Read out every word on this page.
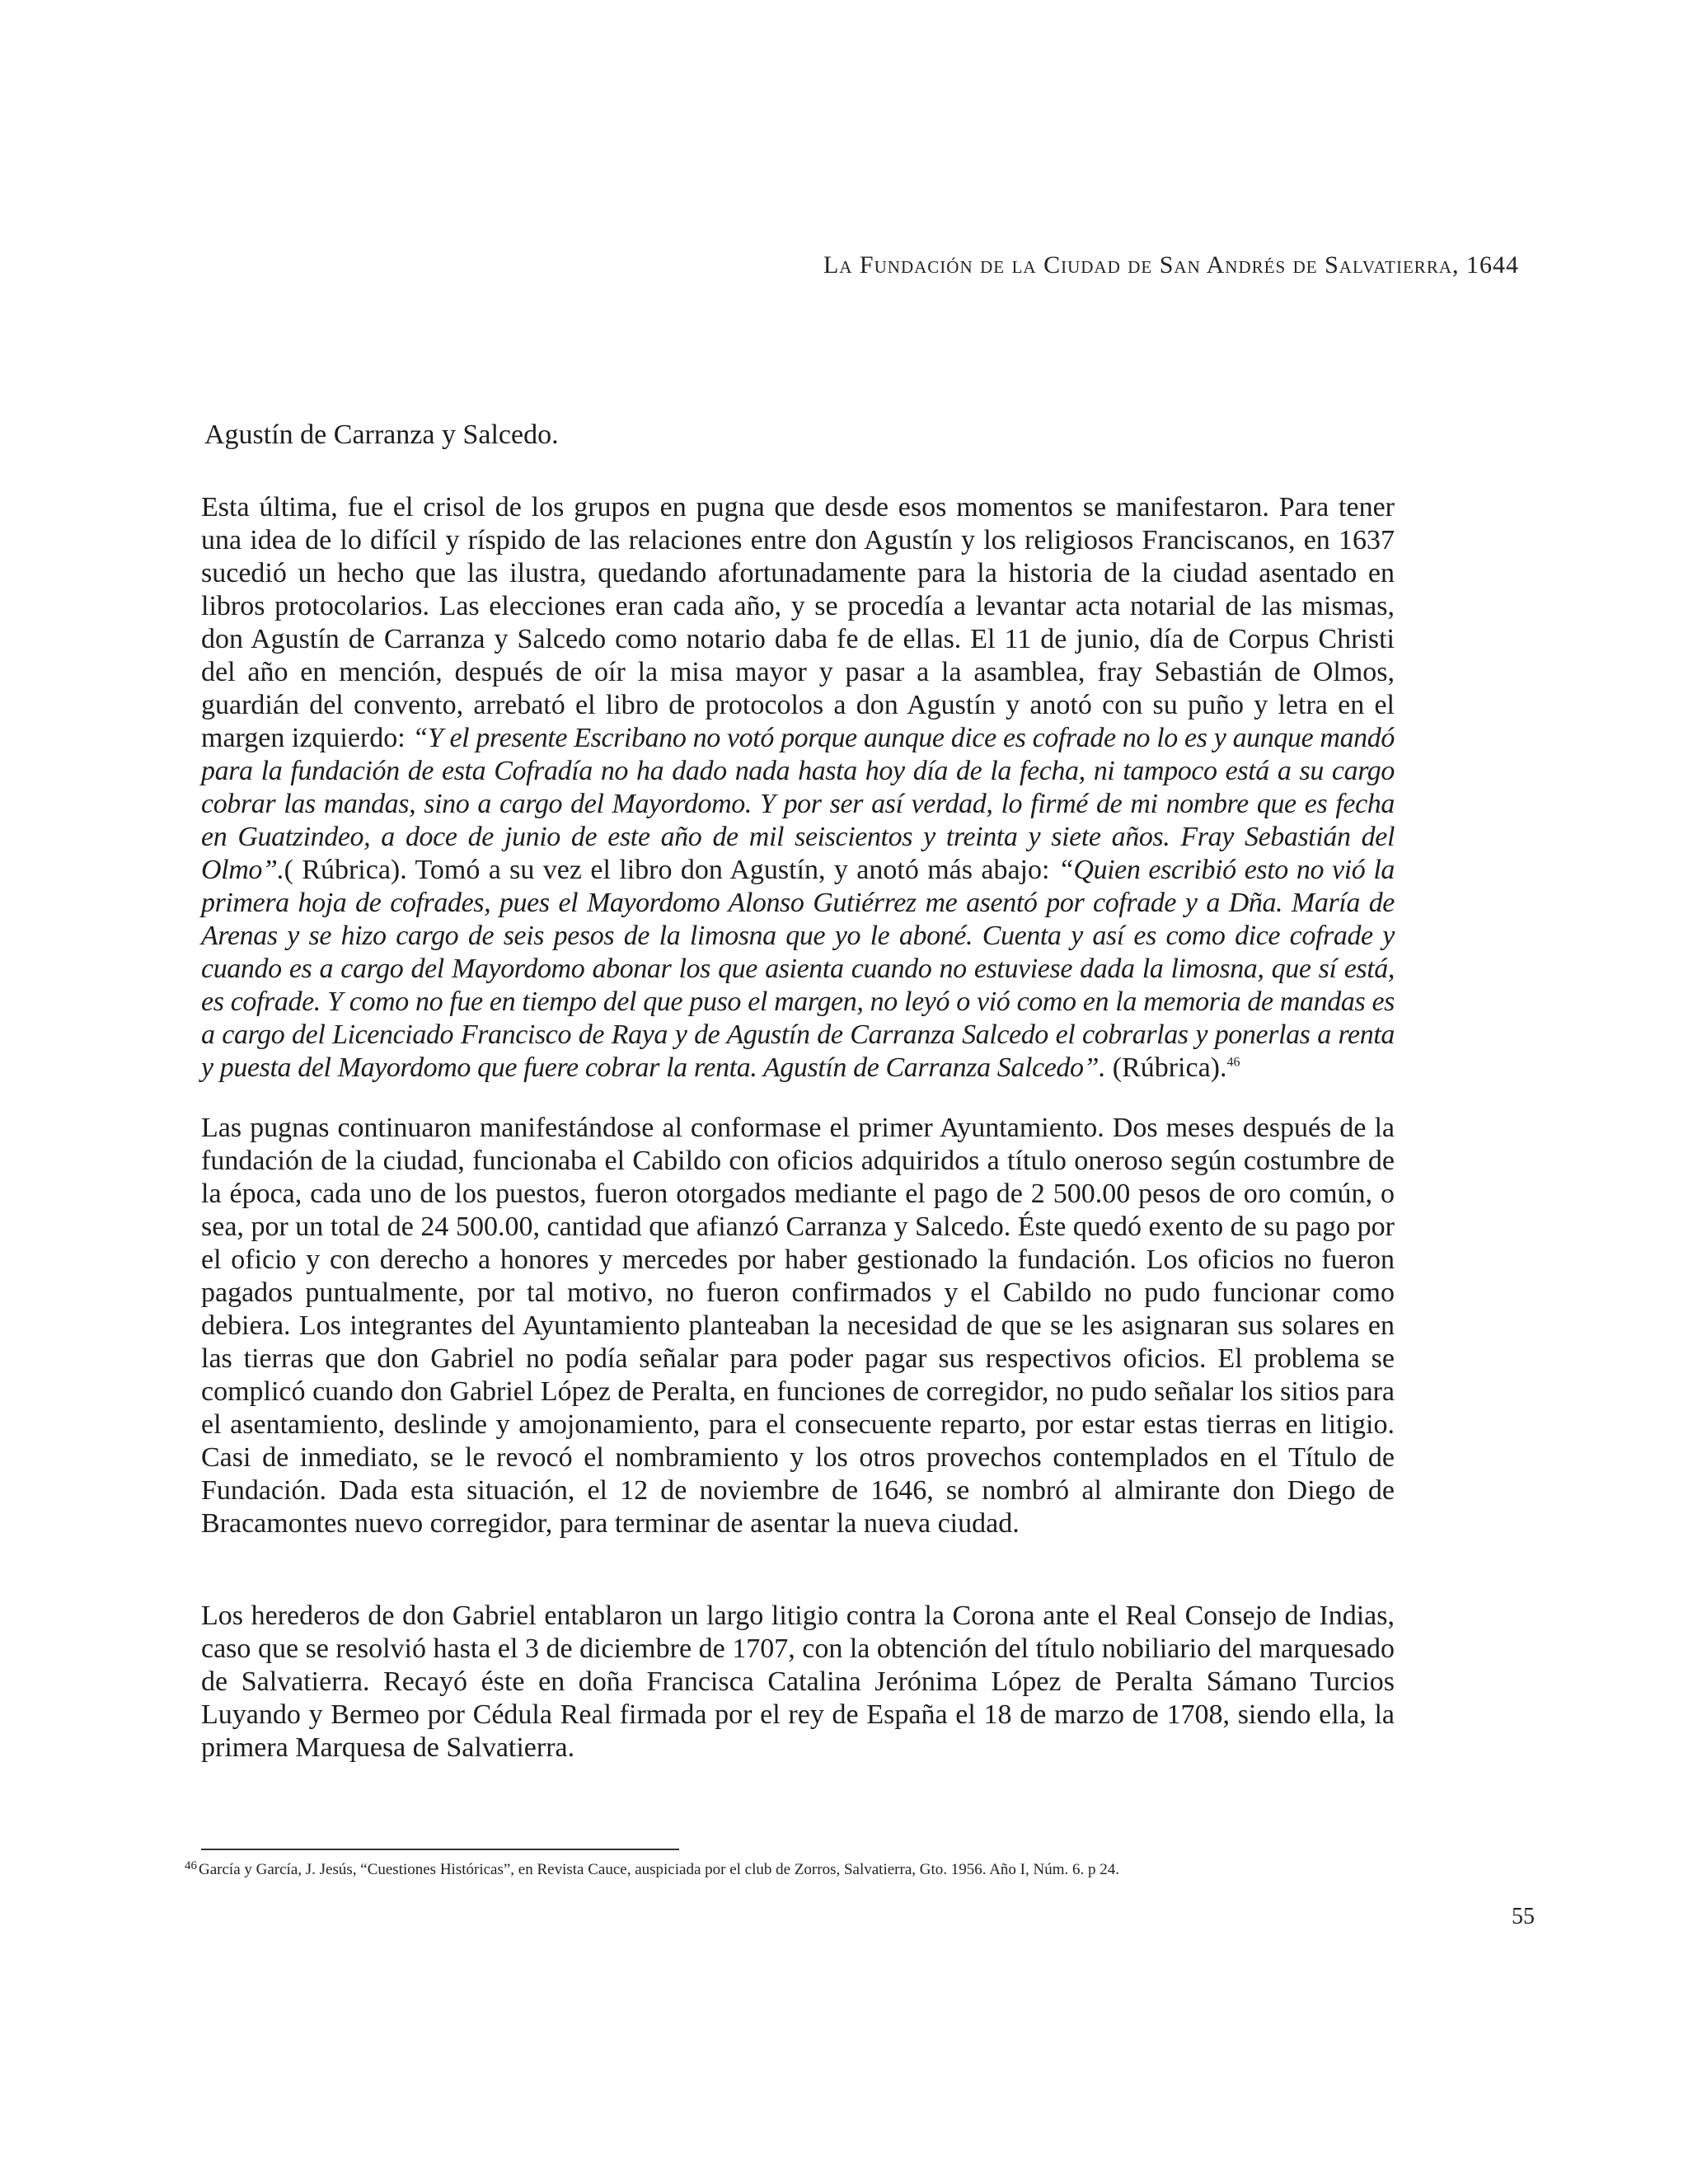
La Fundación de la Ciudad de San Andrés de Salvatierra, 1644
Agustín de Carranza y Salcedo.

Esta última, fue el crisol de los grupos en pugna que desde esos momentos se manifestaron. Para tener una idea de lo difícil y ríspido de las relaciones entre don Agustín y los religiosos Franciscanos, en 1637 sucedió un hecho que las ilustra, quedando afortunadamente para la historia de la ciudad asentado en libros protocolarios. Las elecciones eran cada año, y se procedía a levantar acta notarial de las mismas, don Agustín de Carranza y Salcedo como notario daba fe de ellas. El 11 de junio, día de Corpus Christi del año en mención, después de oír la misa mayor y pasar a la asamblea, fray Sebastián de Olmos, guardián del convento, arrebató el libro de protocolos a don Agustín y anotó con su puño y letra en el margen izquierdo: “Y el presente Escribano no votó porque aunque dice es cofrade no lo es y aunque mandó para la fundación de esta Cofradía no ha dado nada hasta hoy día de la fecha, ni tampoco está a su cargo cobrar las mandas, sino a cargo del Mayordomo. Y por ser así verdad, lo firmé de mi nombre que es fecha en Guatzindeo, a doce de junio de este año de mil seiscientos y treinta y siete años. Fray Sebastián del Olmo”.( Rúbrica). Tomó a su vez el libro don Agustín, y anotó más abajo: “Quien escribió esto no vió la primera hoja de cofrades, pues el Mayordomo Alonso Gutiérrez me asentó por cofrade y a Dña. María de Arenas y se hizo cargo de seis pesos de la limosna que yo le aboné. Cuenta y así es como dice cofrade y cuando es a cargo del Mayordomo abonar los que asienta cuando no estuviese dada la limosna, que sí está, es cofrade. Y como no fue en tiempo del que puso el margen, no leyó o vió como en la memoria de mandas es a cargo del Licenciado Francisco de Raya y de Agustín de Carranza Salcedo el cobrarlas y ponerlas a renta y puesta del Mayordomo que fuere cobrar la renta. Agustín de Carranza Salcedo”. (Rúbrica).$^{46}$

Las pugnas continuaron manifestándose al conformase el primer Ayuntamiento. Dos meses después de la fundación de la ciudad, funcionaba el Cabildo con oficios adquiridos a título oneroso según costumbre de la época, cada uno de los puestos, fueron otorgados mediante el pago de 2 500.00 pesos de oro común, o sea, por un total de 24 500.00, cantidad que afianzó Carranza y Salcedo. Éste quedó exento de su pago por el oficio y con derecho a honores y mercedes por haber gestionado la fundación. Los oficios no fueron pagados puntualmente, por tal motivo, no fueron confirmados y el Cabildo no pudo funcionar como debiera. Los integrantes del Ayuntamiento planteaban la necesidad de que se les asignaran sus solares en las tierras que don Gabriel no podía señalar para poder pagar sus respectivos oficios. El problema se complicó cuando don Gabriel López de Peralta, en funciones de corregidor, no pudo señalar los sitios para el asentamiento, deslinde y amojonamiento, para el consecuente reparto, por estar estas tierras en litigio. Casi de inmediato, se le revocó el nombramiento y los otros provechos contemplados en el Título de Fundación. Dada esta situación, el 12 de noviembre de 1646, se nombró al almirante don Diego de Bracamontes nuevo corregidor, para terminar de asentar la nueva ciudad.

Los herederos de don Gabriel entablaron un largo litigio contra la Corona ante el Real Consejo de Indias, caso que se resolvió hasta el 3 de diciembre de 1707, con la obtención del título nobiliario del marquesado de Salvatierra. Recayó éste en doña Francisca Catalina Jerónima López de Peralta Sámano Turcios Luyando y Bermeo por Cédula Real firmada por el rey de España el 18 de marzo de 1708, siendo ella, la primera Marquesa de Salvatierra.

$^{46}$ García y García, J. Jesús, “Cuestiones Históricas”, en Revista Cauce, auspiciada por el club de Zorros, Salvatierra, Gto. 1956. Año I, Núm. 6. p 24.
55
